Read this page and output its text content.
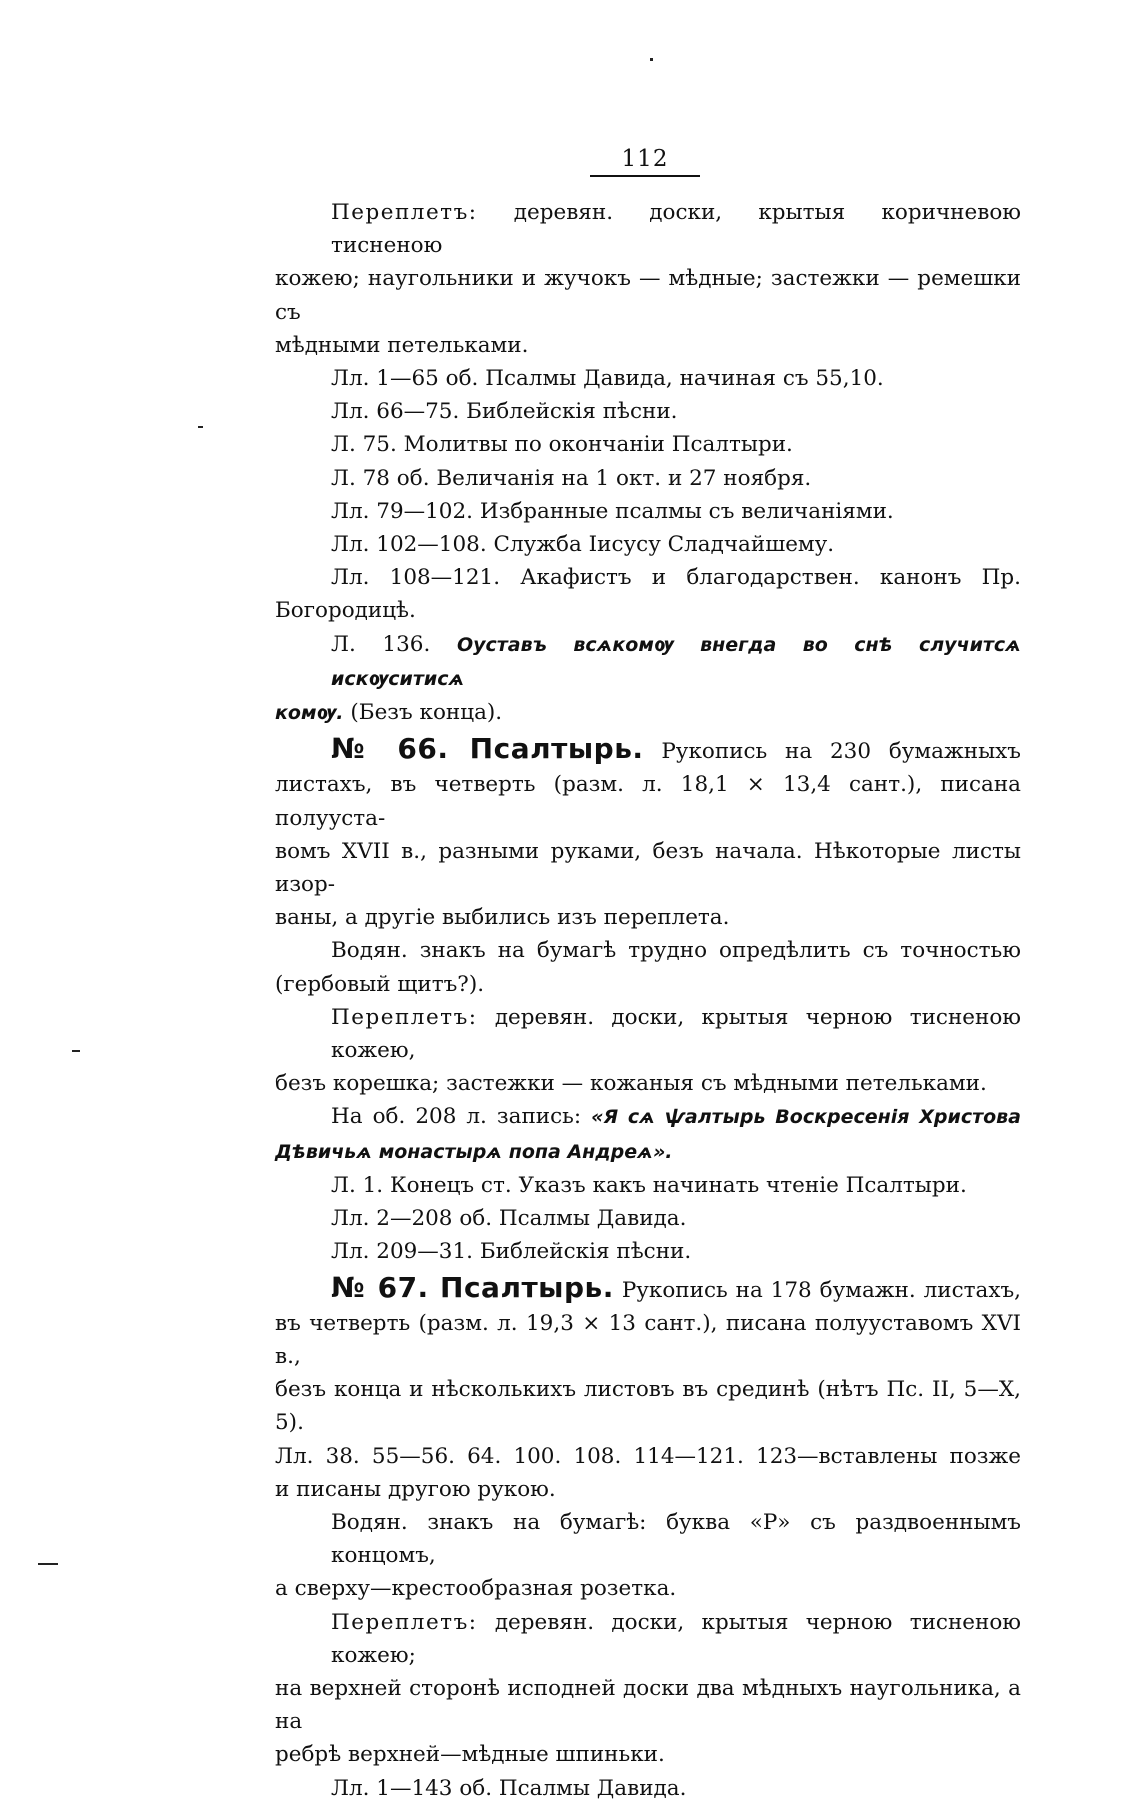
112
Переплетъ: деревян. доски, крытыя коричневою тисненою
кожею; наугольники и жучокъ — мѣдные; застежки — ремешки съ
мѣдными петельками.
Лл. 1—65 об. Псалмы Давида, начиная съ 55,10.
Лл. 66—75. Библейскія пѣсни.
Л. 75. Молитвы по окончаніи Псалтыри.
Л. 78 об. Величанія на 1 окт. и 27 ноября.
Лл. 79—102. Избранные псалмы съ величаніями.
Лл. 102—108. Служба Іисусу Сладчайшему.
Лл. 108—121. Акафистъ и благодарствен. канонъ Пр.
Богородицѣ.
Л. 136. Оуставъ всѧкомѹ внегда во снѣ случитсѧ искѹситисѧ
комѹ. (Безъ конца).
№ 66. Псалтырь. Рукопись на 230 бумажныхъ
листахъ, въ четверть (разм. л. 18,1 × 13,4 сант.), писана полууста-
вомъ XVII в., разными руками, безъ начала. Нѣкоторые листы изор-
ваны, а другіе выбились изъ переплета.
Водян. знакъ на бумагѣ трудно опредѣлить съ точностью
(гербовый щитъ?).
Переплетъ: деревян. доски, крытыя черною тисненою кожею,
безъ корешка; застежки — кожаныя съ мѣдными петельками.
На об. 208 л. запись: «Я сѧ ѱалтырь Воскресенія Христова
Дѣвичьѧ монастырѧ попа Андреѧ».
Л. 1. Конецъ ст. Указъ какъ начинать чтеніе Псалтыри.
Лл. 2—208 об. Псалмы Давида.
Лл. 209—31. Библейскія пѣсни.
№ 67. Псалтырь. Рукопись на 178 бумажн. листахъ,
въ четверть (разм. л. 19,3 × 13 сант.), писана полууставомъ XVI в.,
безъ конца и нѣсколькихъ листовъ въ срединѣ (нѣтъ Пс. II, 5—X, 5).
Лл. 38. 55—56. 64. 100. 108. 114—121. 123—вставлены позже
и писаны другою рукою.
Водян. знакъ на бумагѣ: буква «Р» съ раздвоеннымъ концомъ,
а сверху—крестообразная розетка.
Переплетъ: деревян. доски, крытыя черною тисненою кожею;
на верхней сторонѣ исподней доски два мѣдныхъ наугольника, а на
ребрѣ верхней—мѣдные шпиньки.
Лл. 1—143 об. Псалмы Давида.
